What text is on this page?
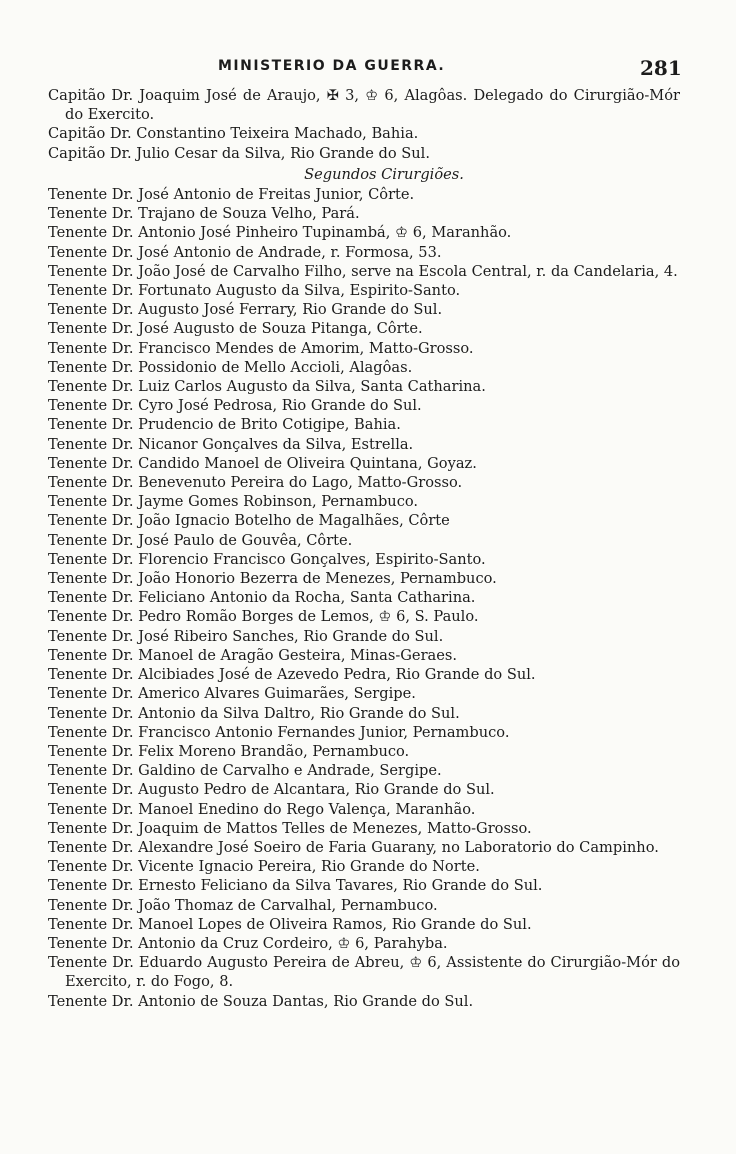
MINISTERIO DA GUERRA.	281
Capitão Dr. Joaquim José de Araujo, ✠ 3, ♔ 6, Alagôas. Delegado do Cirurgião-Mór do Exercito.
Capitão Dr. Constantino Teixeira Machado, Bahia.
Capitão Dr. Julio Cesar da Silva, Rio Grande do Sul.
Segundos Cirurgiões.
Tenente Dr. José Antonio de Freitas Junior, Côrte.
Tenente Dr. Trajano de Souza Velho, Pará.
Tenente Dr. Antonio José Pinheiro Tupinambá, ♔ 6, Maranhão.
Tenente Dr. José Antonio de Andrade, r. Formosa, 53.
Tenente Dr. João José de Carvalho Filho, serve na Escola Central, r. da Candelaria, 4.
Tenente Dr. Fortunato Augusto da Silva, Espirito-Santo.
Tenente Dr. Augusto José Ferrary, Rio Grande do Sul.
Tenente Dr. José Augusto de Souza Pitanga, Côrte.
Tenente Dr. Francisco Mendes de Amorim, Matto-Grosso.
Tenente Dr. Possidonio de Mello Accioli, Alagôas.
Tenente Dr. Luiz Carlos Augusto da Silva, Santa Catharina.
Tenente Dr. Cyro José Pedrosa, Rio Grande do Sul.
Tenente Dr. Prudencio de Brito Cotigipe, Bahia.
Tenente Dr. Nicanor Gonçalves da Silva, Estrella.
Tenente Dr. Candido Manoel de Oliveira Quintana, Goyaz.
Tenente Dr. Benevenuto Pereira do Lago, Matto-Grosso.
Tenente Dr. Jayme Gomes Robinson, Pernambuco.
Tenente Dr. João Ignacio Botelho de Magalhães, Côrte
Tenente Dr. José Paulo de Gouvêa, Côrte.
Tenente Dr. Florencio Francisco Gonçalves, Espirito-Santo.
Tenente Dr. João Honorio Bezerra de Menezes, Pernambuco.
Tenente Dr. Feliciano Antonio da Rocha, Santa Catharina.
Tenente Dr. Pedro Romão Borges de Lemos, ♔ 6, S. Paulo.
Tenente Dr. José Ribeiro Sanches, Rio Grande do Sul.
Tenente Dr. Manoel de Aragão Gesteira, Minas-Geraes.
Tenente Dr. Alcibiades José de Azevedo Pedra, Rio Grande do Sul.
Tenente Dr. Americo Alvares Guimarães, Sergipe.
Tenente Dr. Antonio da Silva Daltro, Rio Grande do Sul.
Tenente Dr. Francisco Antonio Fernandes Junior, Pernambuco.
Tenente Dr. Felix Moreno Brandão, Pernambuco.
Tenente Dr. Galdino de Carvalho e Andrade, Sergipe.
Tenente Dr. Augusto Pedro de Alcantara, Rio Grande do Sul.
Tenente Dr. Manoel Enedino do Rego Valença, Maranhão.
Tenente Dr. Joaquim de Mattos Telles de Menezes, Matto-Grosso.
Tenente Dr. Alexandre José Soeiro de Faria Guarany, no Laboratorio do Campinho.
Tenente Dr. Vicente Ignacio Pereira, Rio Grande do Norte.
Tenente Dr. Ernesto Feliciano da Silva Tavares, Rio Grande do Sul.
Tenente Dr. João Thomaz de Carvalhal, Pernambuco.
Tenente Dr. Manoel Lopes de Oliveira Ramos, Rio Grande do Sul.
Tenente Dr. Antonio da Cruz Cordeiro, ♔ 6, Parahyba.
Tenente Dr. Eduardo Augusto Pereira de Abreu, ♔ 6, Assistente do Cirurgião-Mór do Exercito, r. do Fogo, 8.
Tenente Dr. Antonio de Souza Dantas, Rio Grande do Sul.
